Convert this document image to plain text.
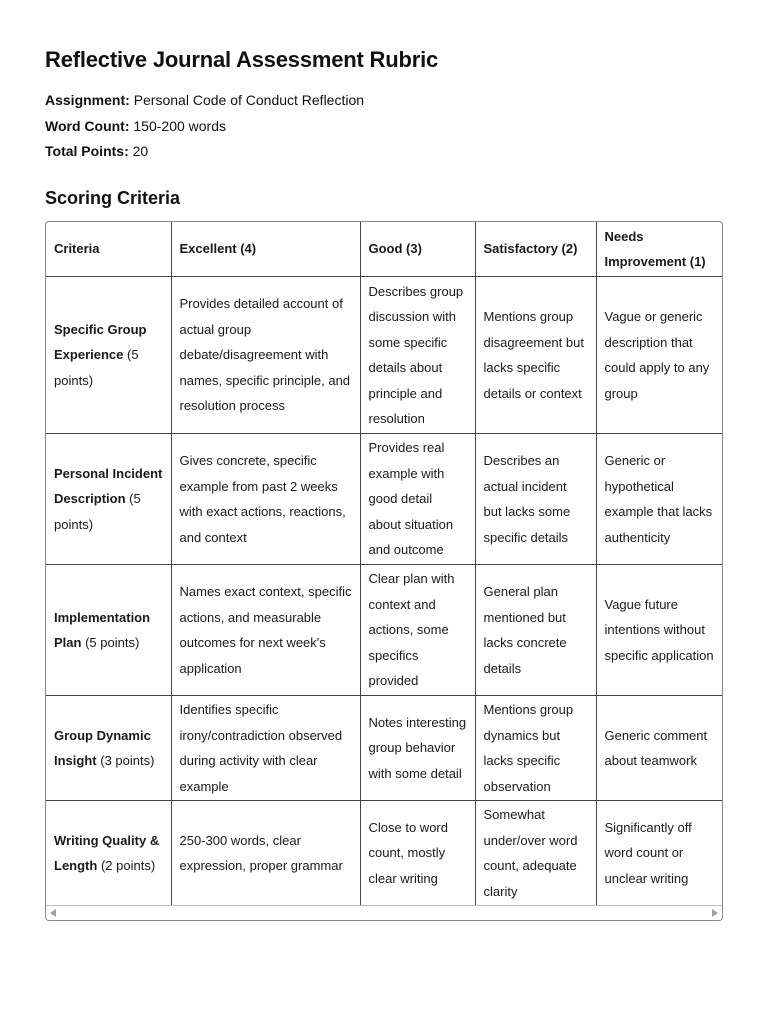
Reflective Journal Assessment Rubric
Assignment: Personal Code of Conduct Reflection
Word Count: 150-200 words
Total Points: 20
Scoring Criteria
Criteria	Excellent (4)	Good (3)	Satisfactory (2)	Needs Improvement (1)
Specific Group Experience (5 points)	Provides detailed account of actual group debate/disagreement with names, specific principle, and resolution process	Describes group discussion with some specific details about principle and resolution	Mentions group disagreement but lacks specific details or context	Vague or generic description that could apply to any group
Personal Incident Description (5 points)	Gives concrete, specific example from past 2 weeks with exact actions, reactions, and context	Provides real example with good detail about situation and outcome	Describes an actual incident but lacks some specific details	Generic or hypothetical example that lacks authenticity
Implementation Plan (5 points)	Names exact context, specific actions, and measurable outcomes for next week's application	Clear plan with context and actions, some specifics provided	General plan mentioned but lacks concrete details	Vague future intentions without specific application
Group Dynamic Insight (3 points)	Identifies specific irony/contradiction observed during activity with clear example	Notes interesting group behavior with some detail	Mentions group dynamics but lacks specific observation	Generic comment about teamwork
Writing Quality & Length (2 points)	250-300 words, clear expression, proper grammar	Close to word count, mostly clear writing	Somewhat under/over word count, adequate clarity	Significantly off word count or unclear writing
